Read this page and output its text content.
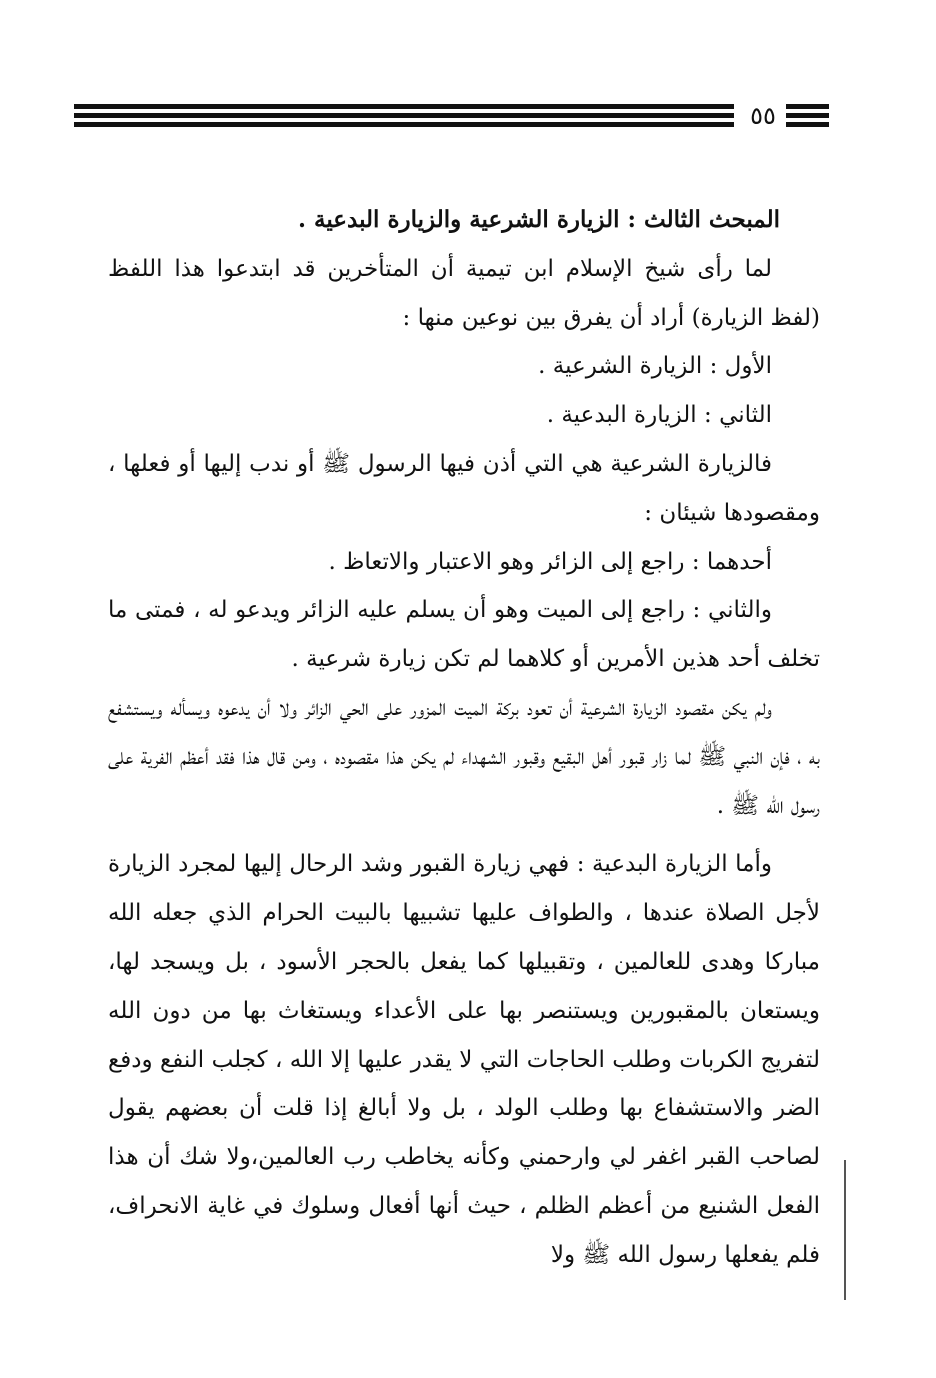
٥٥

المبحث الثالث : الزيارة الشرعية والزيارة البدعية .

لما رأى شيخ الإسلام ابن تيمية أن المتأخرين قد ابتدعوا هذا اللفظ (لفظ الزيارة) أراد أن يفرق بين نوعين منها :

الأول : الزيارة الشرعية .

الثاني : الزيارة البدعية .

فالزيارة الشرعية هي التي أذن فيها الرسول ﷺ أو ندب إليها أو فعلها ، ومقصودها شيئان :

أحدهما : راجع إلى الزائر وهو الاعتبار والاتعاظ .

والثاني : راجع إلى الميت وهو أن يسلم عليه الزائر ويدعو له ، فمتى ما تخلف أحد هذين الأمرين أو كلاهما لم تكن زيارة شرعية .

ولم يكن مقصود الزيارة الشرعية أن تعود بركة الميت المزور على الحي الزائر ولا أن يدعوه ويسأله ويستشفع به ، فإن النبي ﷺ لما زار قبور أهل البقيع وقبور الشهداء لم يكن هذا مقصوده ، ومن قال هذا فقد أعظم الفرية على رسول الله ﷺ .

وأما الزيارة البدعية : فهي زيارة القبور وشد الرحال إليها لمجرد الزيارة لأجل الصلاة عندها ، والطواف عليها تشبيها بالبيت الحرام الذي جعله الله مباركا وهدى للعالمين ، وتقبيلها كما يفعل بالحجر الأسود ، بل ويسجد لها، ويستعان بالمقبورين ويستنصر بها على الأعداء ويستغاث بها من دون الله لتفريج الكربات وطلب الحاجات التي لا يقدر عليها إلا الله ، كجلب النفع ودفع الضر والاستشفاع بها وطلب الولد ، بل ولا أبالغ إذا قلت أن بعضهم يقول لصاحب القبر اغفر لي وارحمني وكأنه يخاطب رب العالمين،ولا شك أن هذا الفعل الشنيع من أعظم الظلم ، حيث أنها أفعال وسلوك في غاية الانحراف، فلم يفعلها رسول الله ﷺ ولا
